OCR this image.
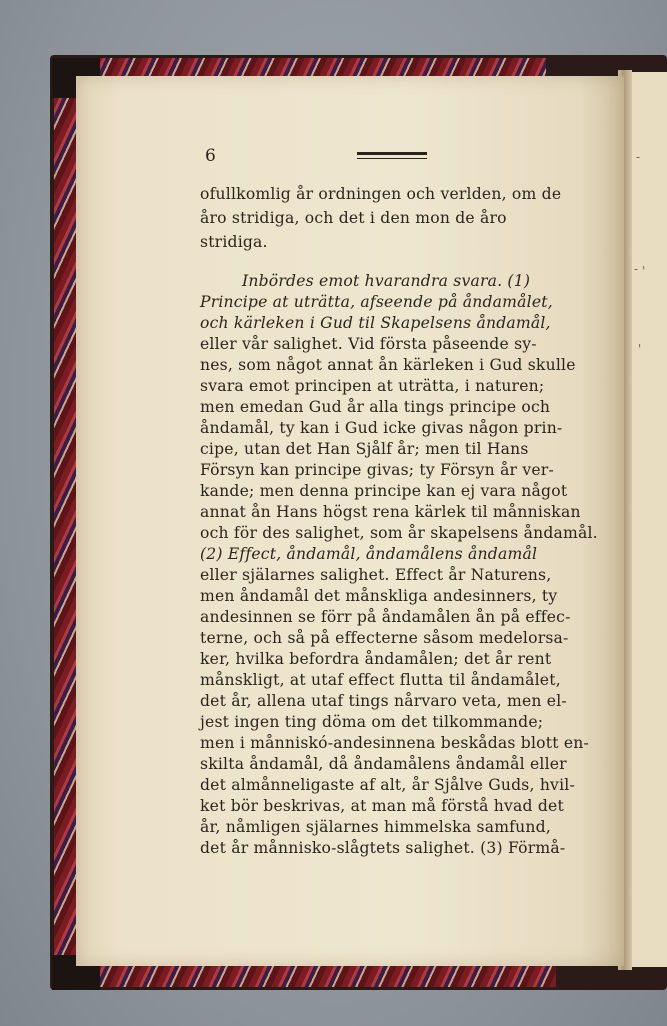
-
'
-
'
6
ofullkomlig år ordningen och verlden, om de
åro stridiga, och det i den mon de åro
stridiga.
Inbördes emot hvarandra svara. (1)
Principe at uträtta, afseende på åndamålet,
och kärleken i Gud til Skapelsens åndamål,
eller vår salighet. Vid första påseende sy-
nes, som något annat ån kärleken i Gud skulle
svara emot principen at uträtta, i naturen;
men emedan Gud år alla tings principe och
åndamål, ty kan i Gud icke givas någon prin-
cipe, utan det Han Sjålf år; men til Hans
Försyn kan principe givas; ty Försyn år ver-
kande; men denna principe kan ej vara något
annat ån Hans högst rena kärlek til månniskan
och för des salighet, som år skapelsens åndamål.
(2) Effect, åndamål, åndamålens åndamål
eller själarnes salighet. Effect år Naturens,
men åndamål det månskliga andesinners, ty
andesinnen se förr på åndamålen ån på effec-
terne, och så på effecterne såsom medelorsa-
ker, hvilka befordra åndamålen; det år rent
månskligt, at utaf effect flutta til åndamålet,
det år, allena utaf tings nårvaro veta, men el-
jest ingen ting döma om det tilkommande;
men i månniskó-andesinnena beskådas blott en-
skilta åndamål, då åndamålens åndamål eller
det almånneligaste af alt, år Sjålve Guds, hvil-
ket bör beskrivas, at man må förstå hvad det
år, nåmligen själarnes himmelska samfund,
det år månnisko-slågtets salighet. (3) Förmå-
